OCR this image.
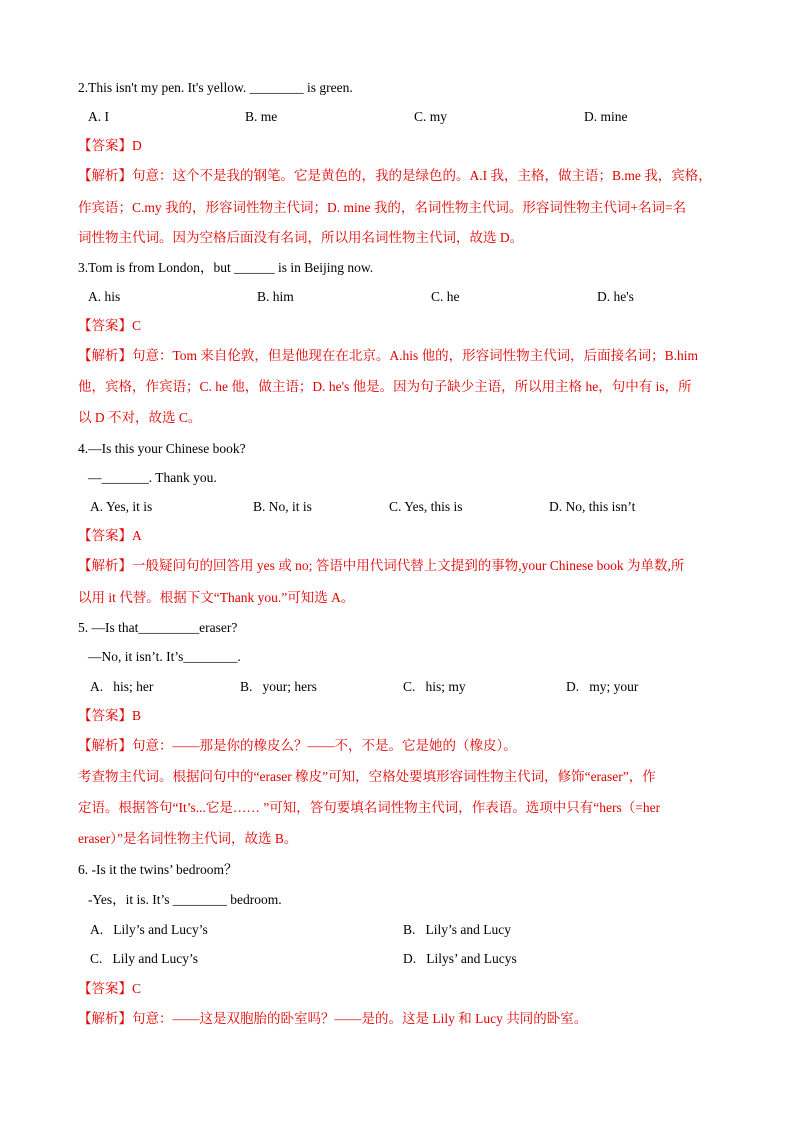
2.This isn't my pen. It's yellow. ________ is green.
A. I	B. me	C. my	D. mine
【答案】D
【解析】句意：这个不是我的钢笔。它是黄色的，我的是绿色的。A.I 我，主格，做主语；B.me 我，宾格，
作宾语；C.my 我的，形容词性物主代词；D. mine 我的，名词性物主代词。形容词性物主代词+名词=名
词性物主代词。因为空格后面没有名词，所以用名词性物主代词，故选 D。
3.Tom is from London，but ______ is in Beijing now.
A. his	B. him	C. he	D. he's
【答案】C
【解析】句意：Tom 来自伦敦，但是他现在在北京。A.his 他的，形容词性物主代词，后面接名词；B.him
他，宾格，作宾语；C. he 他，做主语；D. he's 他是。因为句子缺少主语，所以用主格 he，句中有 is，所
以 D 不对，故选 C。
4.—Is this your Chinese book?
—_______. Thank you.
A. Yes, it is	B. No, it is	C. Yes, this is	D. No, this isn’t
【答案】A
【解析】一般疑问句的回答用 yes 或 no; 答语中用代词代替上文提到的事物,your Chinese book 为单数,所
以用 it 代替。根据下文“Thank you.”可知选 A。
5. —Is that_________eraser?
—No, it isn’t. It’s________.
A. his; her	B. your; hers	C. his; my	D. my; your
【答案】B
【解析】句意：——那是你的橡皮么？——不，不是。它是她的（橡皮）。
考查物主代词。根据问句中的“eraser 橡皮”可知，空格处要填形容词性物主代词，修饰“eraser”，作
定语。根据答句“It’s...它是…… ”可知，答句要填名词性物主代词，作表语。选项中只有“hers（=her
eraser）”是名词性物主代词，故选 B。
6. -Is it the twins’ bedroom？
-Yes，it is. It’s ________ bedroom.
A. Lily’s and Lucy’s	B. Lily’s and Lucy
C. Lily and Lucy’s	D. Lilys’ and Lucys
【答案】C
【解析】句意：——这是双胞胎的卧室吗？——是的。这是 Lily 和 Lucy 共同的卧室。
